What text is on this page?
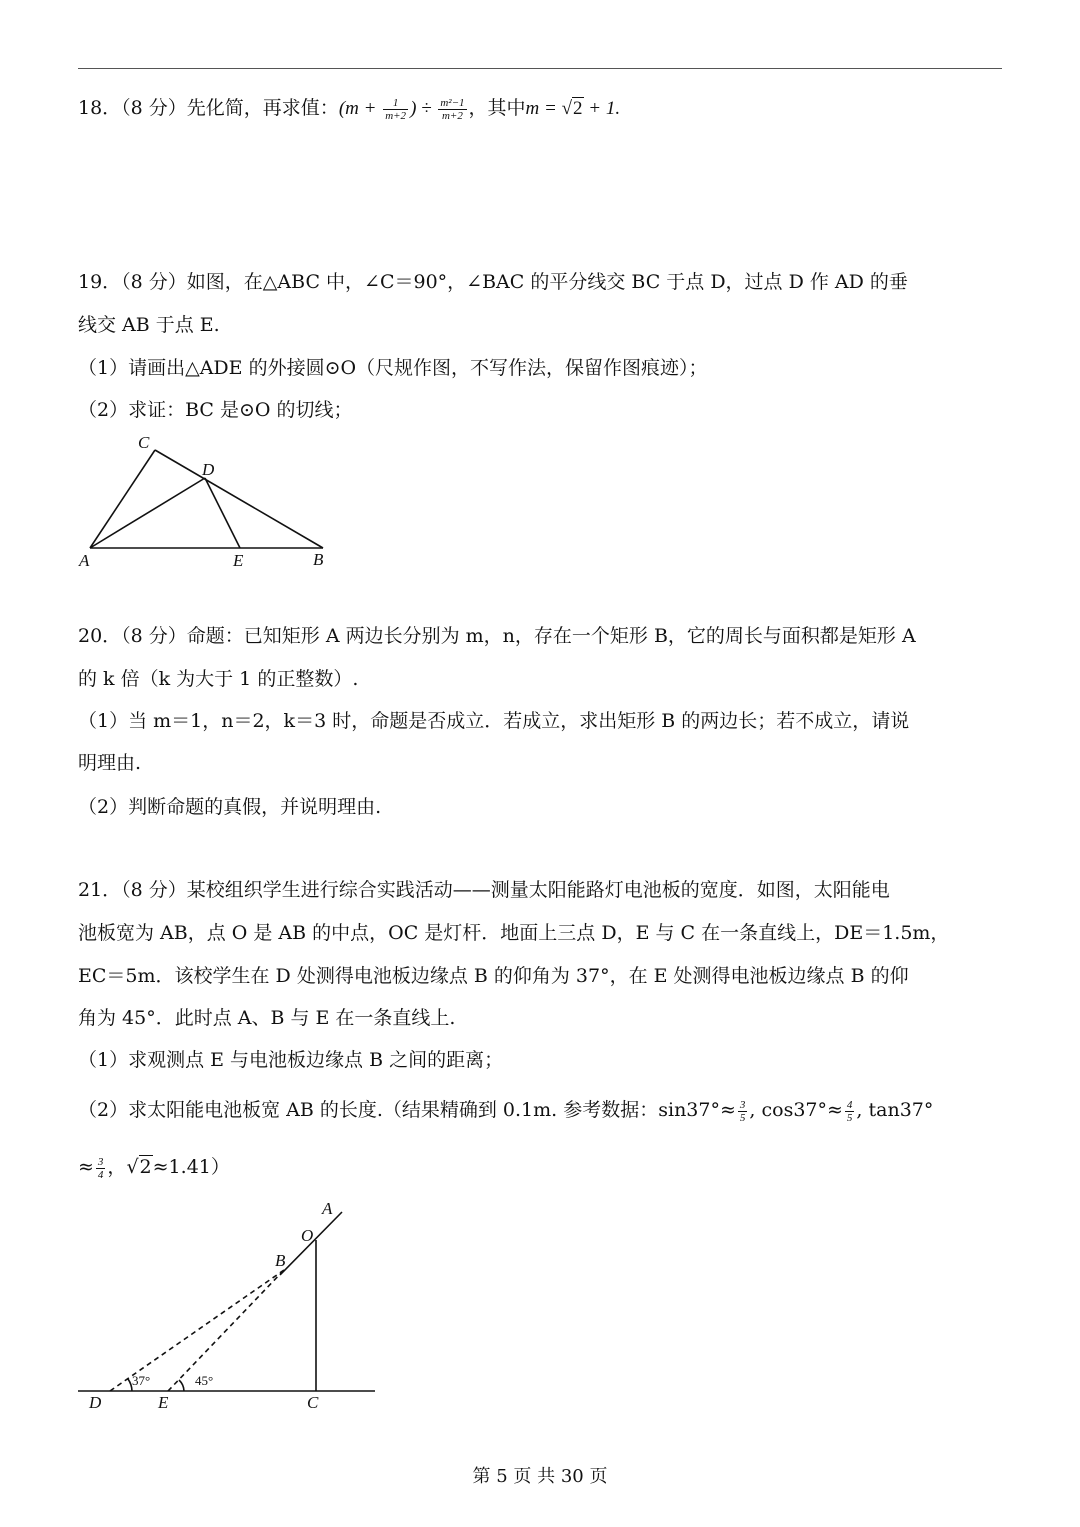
18．（8 分）先化简，再求值：($m + \frac{1}{m+2}$ ) ÷ $\frac{\text{m²−1}}{m+2}$ ，其中m = √2 + 1.
19．（8 分）如图，在△ABC 中，∠C＝90°，∠BAC 的平分线交 BC 于点 D，过点 D 作 AD 的垂
线交 AB 于点 E.
（1）请画出△ADE 的外接圆⊙O（尺规作图，不写作法，保留作图痕迹）；
（2）求证：BC 是⊙O 的切线；
C
D
A	E	B
20．（8 分）命题：已知矩形 A 两边长分别为 m，n，存在一个矩形 B，它的周长与面积都是矩形 A
的 k 倍（k 为大于 1 的正整数）.
（1）当 m＝1，n＝2，k＝3 时，命题是否成立．若成立，求出矩形 B 的两边长；若不成立，请说
明理由.
（2）判断命题的真假，并说明理由.
21．（8 分）某校组织学生进行综合实践活动——测量太阳能路灯电池板的宽度．如图，太阳能电
池板宽为 AB，点 O 是 AB 的中点，OC 是灯杆．地面上三点 D，E 与 C 在一条直线上，DE＝1.5m，
EC＝5m．该校学生在 D 处测得电池板边缘点 B 的仰角为 37°，在 E 处测得电池板边缘点 B 的仰
角为 45°．此时点 A、B 与 E 在一条直线上.
（1）求观测点 E 与电池板边缘点 B 之间的距离；
（2）求太阳能电池板宽 AB 的长度.（结果精确到 0.1m. 参考数据：$\sin 37^\circ\approx \frac{3}{5}$ , $\cos 37^\circ\approx \frac{4}{5}$ , tan37°
≈ $\frac{3}{4}$ ，√2≈1.41）
A
O
B
D	E	C
37°	45°
第 5 页 共 30 页
